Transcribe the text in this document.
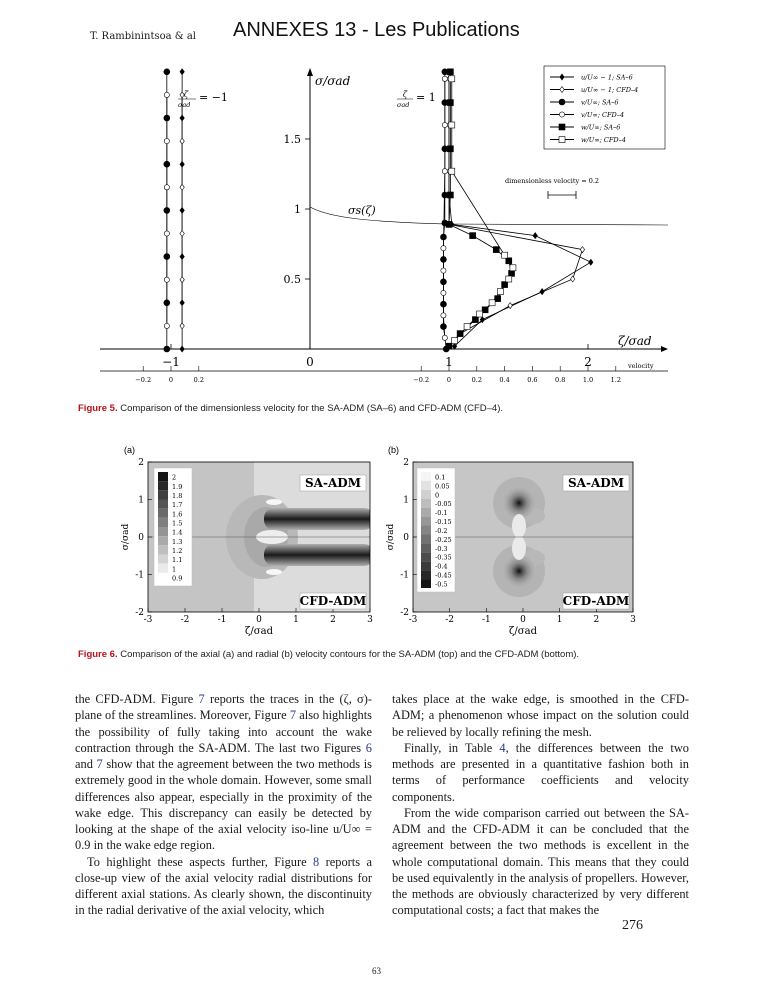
T. Rambinintsoa & al ANNEXES 13 - Les Publications
σ/σad
ζ/σad
velocity
ζ
σad
= −1	ζ
σad
= 1
σs(ζ)
dimensionless velocity = 0.2
−1	0	1	2
0.5
1
1.5
−0.2	0	0.2	−0.2	0	0.2	0.4	0.6	0.8	1.0	1.2
u/U∞ − 1; SA–6
u/U∞ − 1; CFD–4
v/U∞; SA–6
v/U∞; CFD–4
w/U∞; SA–6
w/U∞; CFD–4
Figure 5. Comparison of the dimensionless velocity for the SA-ADM (SA–6) and CFD-ADM (CFD–4).
(a)	(b)
-3	-2	-1	0	1	2	3
2
1
0
-1
-2
ζ/σad
σ/σad
2
1.9
1.8
1.7
1.6
1.5
1.4
1.3
1.2
1.1
1
0.9
SA-ADM
CFD-ADM
-3	-2	-1	0	1	2	3
2
1
0
-1
-2
ζ/σad
σ/σad
0.1
0.05
0
-0.05
-0.1
-0.15
-0.2
-0.25
-0.3
-0.35
-0.4
-0.45
-0.5
SA-ADM
CFD-ADM
Figure 6. Comparison of the axial (a) and radial (b) velocity contours for the SA-ADM (top) and the CFD-ADM (bottom).

the CFD-ADM. Figure 7 reports the traces in the (ζ, σ)-plane of the streamlines. Moreover, Figure 7 also highlights the possibility of fully taking into account the wake contraction through the SA-ADM. The last two Figures 6 and 7 show that the agreement between the two methods is extremely good in the whole domain. However, some small differences also appear, especially in the proximity of the wake edge. This discrepancy can easily be detected by looking at the shape of the axial velocity iso-line u/U∞ = 0.9 in the wake edge region.

To highlight these aspects further, Figure 8 reports a close-up view of the axial velocity radial distributions for different axial stations. As clearly shown, the discontinuity in the radial derivative of the axial velocity, which

takes place at the wake edge, is smoothed in the CFD-ADM; a phenomenon whose impact on the solution could be relieved by locally refining the mesh.

Finally, in Table 4, the differences between the two methods are presented in a quantitative fashion both in terms of performance coefficients and velocity components.

From the wide comparison carried out between the SA-ADM and the CFD-ADM it can be concluded that the agreement between the two methods is excellent in the whole computational domain. This means that they could be used equivalently in the analysis of propellers. However, the methods are obviously characterized by very different computational costs; a fact that makes the

276
63
